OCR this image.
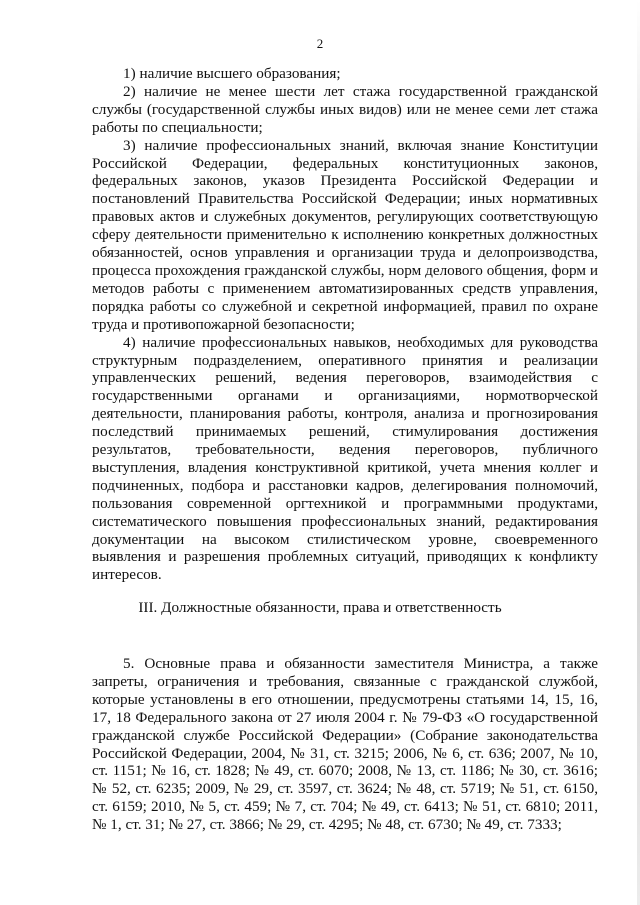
2

1) наличие высшего образования;

2) наличие не менее шести лет стажа государственной гражданской службы (государственной службы иных видов) или не менее семи лет стажа работы по специальности;

3) наличие профессиональных знаний, включая знание Конституции Российской Федерации, федеральных конституционных законов, федеральных законов, указов Президента Российской Федерации и постановлений Правительства Российской Федерации; иных нормативных правовых актов и служебных документов, регулирующих соответствующую сферу деятельности применительно к исполнению конкретных должностных обязанностей, основ управления и организации труда и делопроизводства, процесса прохождения гражданской службы, норм делового общения, форм и методов работы с применением автоматизированных средств управления, порядка работы со служебной и секретной информацией, правил по охране труда и противопожарной безопасности;

4) наличие профессиональных навыков, необходимых для руководства структурным подразделением, оперативного принятия и реализации управленческих решений, ведения переговоров, взаимодействия с государственными органами и организациями, нормотворческой деятельности, планирования работы, контроля, анализа и прогнозирования последствий принимаемых решений, стимулирования достижения результатов, требовательности, ведения переговоров, публичного выступления, владения конструктивной критикой, учета мнения коллег и подчиненных, подбора и расстановки кадров, делегирования полномочий, пользования современной оргтехникой и программными продуктами, систематического повышения профессиональных знаний, редактирования документации на высоком стилистическом уровне, своевременного выявления и разрешения проблемных ситуаций, приводящих к конфликту интересов.

III. Должностные обязанности, права и ответственность

5. Основные права и обязанности заместителя Министра, а также запреты, ограничения и требования, связанные с гражданской службой, которые установлены в его отношении, предусмотрены статьями 14, 15, 16, 17, 18 Федерального закона от 27 июля 2004 г. № 79-ФЗ «О государственной гражданской службе Российской Федерации» (Собрание законодательства Российской Федерации, 2004, № 31, ст. 3215; 2006, № 6, ст. 636; 2007, № 10, ст. 1151; № 16, ст. 1828; № 49, ст. 6070; 2008, № 13, ст. 1186; № 30, ст. 3616; № 52, ст. 6235; 2009, № 29, ст. 3597, ст. 3624; № 48, ст. 5719; № 51, ст. 6150, ст. 6159; 2010, № 5, ст. 459; № 7, ст. 704; № 49, ст. 6413; № 51, ст. 6810; 2011, № 1, ст. 31; № 27, ст. 3866; № 29, ст. 4295; № 48, ст. 6730; № 49, ст. 7333;
